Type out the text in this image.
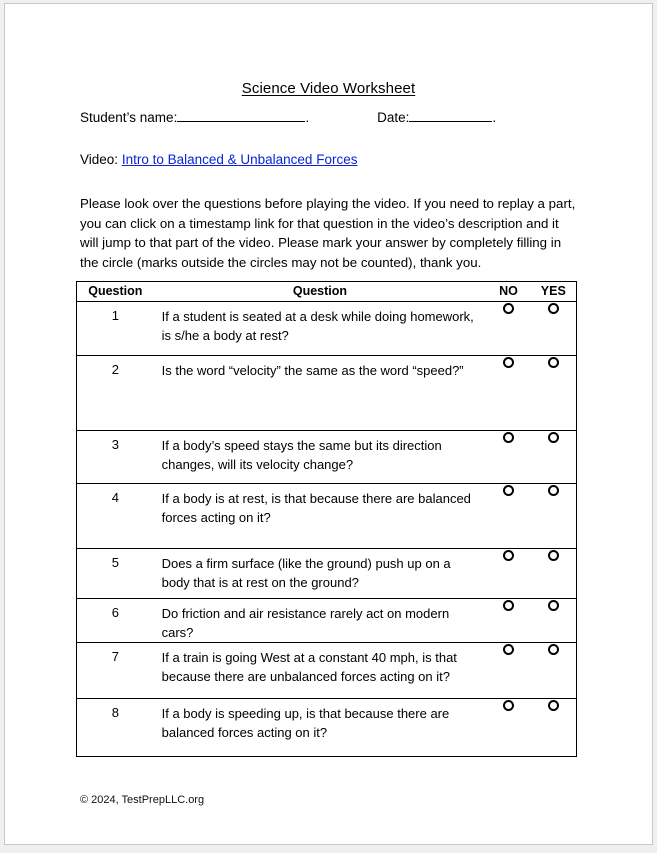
Science Video Worksheet
Student’s name:	.	Date:	.
Video: Intro to Balanced & Unbalanced Forces
Please look over the questions before playing the video. If you need to replay a part, you can click on a timestamp link for that question in the video’s description and it will jump to that part of the video. Please mark your answer by completely filling in the circle (marks outside the circles may not be counted), thank you.
Question	Question	NO	YES

1	If a student is seated at a desk while doing homework, is s/he a body at rest?		

2	Is the word “velocity” the same as the word “speed?”		

3	If a body’s speed stays the same but its direction changes, will its velocity change?		

4	If a body is at rest, is that because there are balanced forces acting on it?		

5	Does a firm surface (like the ground) push up on a body that is at rest on the ground?		

6	Do friction and air resistance rarely act on modern cars?		

7	If a train is going West at a constant 40 mph, is that because there are unbalanced forces acting on it?		

8	If a body is speeding up, is that because there are balanced forces acting on it?		

© 2024, TestPrepLLC.org
